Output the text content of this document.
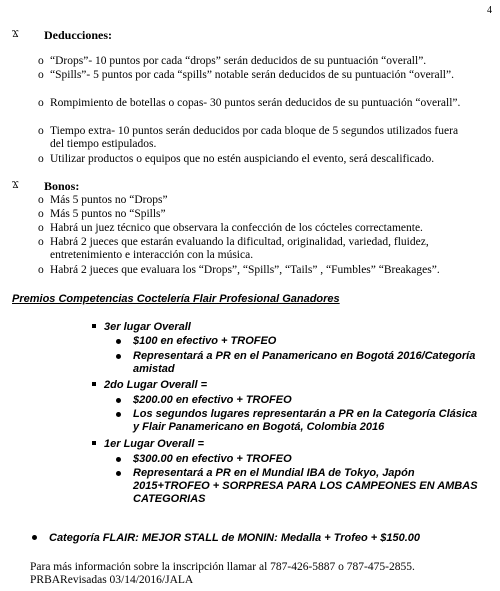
4
Ϫ Deducciones:
o “Drops”- 10 puntos por cada “drops” serán deducidos de su puntuación “overall”.
o “Spills”- 5 puntos por cada “spills” notable serán deducidos de su puntuación “overall”.
o Rompimiento de botellas o copas- 30 puntos serán deducidos de su puntuación “overall”.
o Tiempo extra- 10 puntos serán deducidos por cada bloque de 5 segundos utilizados fuera del tiempo estipulados.
o Utilizar productos o equipos que no estén auspiciando el evento, será descalificado.
Ϫ Bonos:
o Más 5 puntos no “Drops”
o Más 5 puntos no “Spills”
o Habrá un juez técnico que observara la confección de los cócteles correctamente.
o Habrá 2 jueces que estarán evaluando la dificultad, originalidad, variedad, fluidez, entretenimiento e interacción con la música.
o Habrá 2 jueces que evaluara los “Drops”, “Spills”, “Tails” , “Fumbles” “Breakages”.
Premios Competencias Coctelería Flair Profesional Ganadores
3er lugar Overall
$100 en efectivo + TROFEO
Representará a PR en el Panamericano en Bogotá 2016/Categoría amistad
2do Lugar Overall =
$200.00 en efectivo + TROFEO
Los segundos lugares representarán a PR en la Categoría Clásica y Flair Panamericano en Bogotá, Colombia 2016
1er Lugar Overall =
$300.00 en efectivo + TROFEO
Representará a PR en el Mundial IBA de Tokyo, Japón 2015+TROFEO + SORPRESA PARA LOS CAMPEONES EN AMBAS CATEGORIAS
Categoría FLAIR: MEJOR STALL de MONIN: Medalla + Trofeo + $150.00
Para más información sobre la inscripción llamar al 787-426-5887 o 787-475-2855.
PRBARevisadas 03/14/2016/JALA
